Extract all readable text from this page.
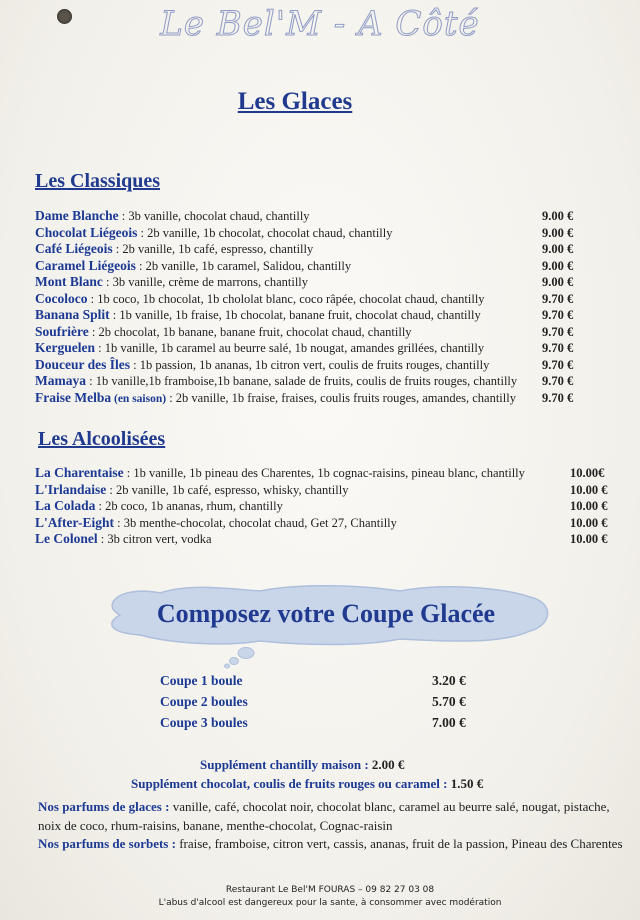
Le Bel'M - A Côté
Les Glaces
Les Classiques
Dame Blanche : 3b vanille, chocolat chaud, chantilly	9.00 €
Chocolat Liégeois : 2b vanille, 1b chocolat, chocolat chaud, chantilly	9.00 €
Café Liégeois : 2b vanille, 1b café, espresso, chantilly	9.00 €
Caramel Liégeois : 2b vanille, 1b caramel, Salidou, chantilly	9.00 €
Mont Blanc : 3b vanille, crème de marrons, chantilly	9.00 €
Cocoloco : 1b coco, 1b chocolat, 1b chololat blanc, coco râpée, chocolat chaud, chantilly	9.70 €
Banana Split : 1b vanille, 1b fraise, 1b chocolat, banane fruit, chocolat chaud, chantilly	9.70 €
Soufrière : 2b chocolat, 1b banane, banane fruit, chocolat chaud, chantilly	9.70 €
Kerguelen : 1b vanille, 1b caramel au beurre salé, 1b nougat, amandes grillées, chantilly	9.70 €
Douceur des Îles : 1b passion, 1b ananas, 1b citron vert, coulis de fruits rouges, chantilly	9.70 €
Mamaya : 1b vanille,1b framboise,1b banane, salade de fruits, coulis de fruits rouges, chantilly 9.70 €
Fraise Melba (en saison) : 2b vanille, 1b fraise, fraises, coulis fruits rouges, amandes, chantilly 9.70 €
Les Alcoolisées
La Charentaise : 1b vanille, 1b pineau des Charentes, 1b cognac-raisins, pineau blanc, chantilly	10.00€
L'Irlandaise : 2b vanille, 1b café, espresso, whisky, chantilly	10.00 €
La Colada : 2b coco, 1b ananas, rhum, chantilly	10.00 €
L'After-Eight : 3b menthe-chocolat, chocolat chaud, Get 27, Chantilly	10.00 €
Le Colonel : 3b citron vert, vodka	10.00 €
Composez votre Coupe Glacée
Coupe 1 boule	3.20 €
Coupe 2 boules	5.70 €
Coupe 3 boules	7.00 €
Supplément chantilly maison : 2.00 €
Supplément chocolat, coulis de fruits rouges ou caramel : 1.50 €
Nos parfums de glaces : vanille, café, chocolat noir, chocolat blanc, caramel au beurre salé, nougat, pistache, noix de coco, rhum-raisins, banane, menthe-chocolat, Cognac-raisin
Nos parfums de sorbets : fraise, framboise, citron vert, cassis, ananas, fruit de la passion, Pineau des Charentes
Restaurant Le Bel'M FOURAS – 09 82 27 03 08
L'abus d'alcool est dangereux pour la sante, à consommer avec modération
